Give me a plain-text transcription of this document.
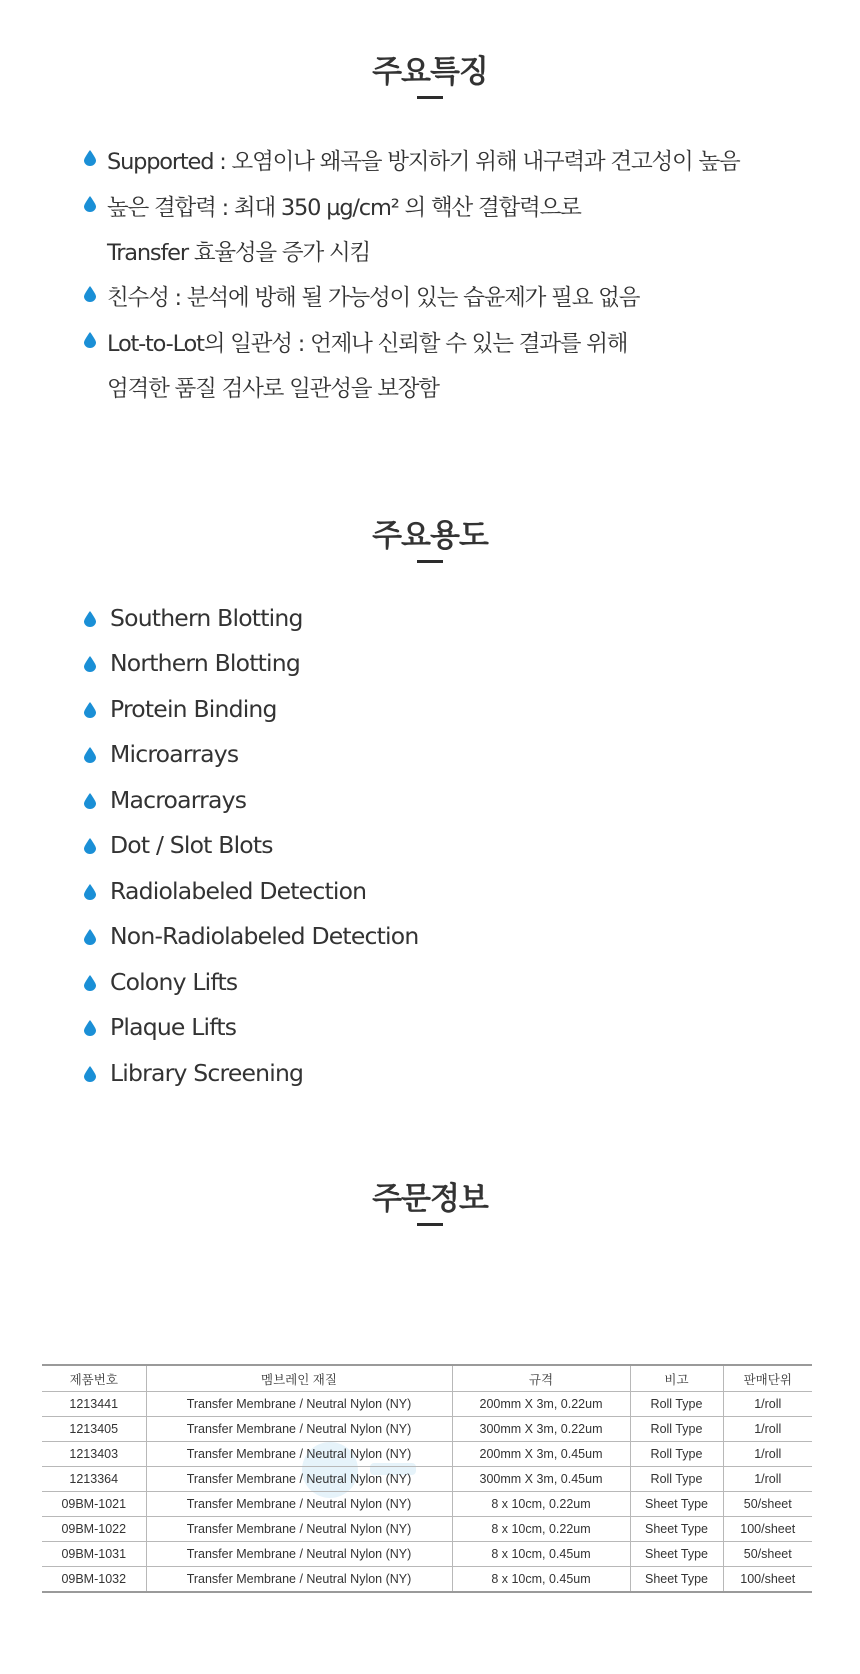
주요특징
Supported : 오염이나 왜곡을 방지하기 위해 내구력과 견고성이 높음
높은 결합력 : 최대 350 µg/cm² 의 핵산 결합력으로
Transfer 효율성을 증가 시킴
친수성 : 분석에 방해 될 가능성이 있는 습윤제가 필요 없음
Lot-to-Lot의 일관성 : 언제나 신뢰할 수 있는 결과를 위해
엄격한 품질 검사로 일관성을 보장함
주요용도
Southern Blotting
Northern Blotting
Protein Binding
Microarrays
Macroarrays
Dot / Slot Blots
Radiolabeled Detection
Non-Radiolabeled Detection
Colony Lifts
Plaque Lifts
Library Screening
주문정보
제품번호	멤브레인 재질	규격	비고	판매단위
1213441	Transfer Membrane / Neutral Nylon (NY)	200mm X 3m, 0.22um	Roll Type	1/roll
1213405	Transfer Membrane / Neutral Nylon (NY)	300mm X 3m, 0.22um	Roll Type	1/roll
1213403	Transfer Membrane / Neutral Nylon (NY)	200mm X 3m, 0.45um	Roll Type	1/roll
1213364	Transfer Membrane / Neutral Nylon (NY)	300mm X 3m, 0.45um	Roll Type	1/roll
09BM-1021	Transfer Membrane / Neutral Nylon (NY)	8 x 10cm, 0.22um	Sheet Type	50/sheet
09BM-1022	Transfer Membrane / Neutral Nylon (NY)	8 x 10cm, 0.22um	Sheet Type	100/sheet
09BM-1031	Transfer Membrane / Neutral Nylon (NY)	8 x 10cm, 0.45um	Sheet Type	50/sheet
09BM-1032	Transfer Membrane / Neutral Nylon (NY)	8 x 10cm, 0.45um	Sheet Type	100/sheet
